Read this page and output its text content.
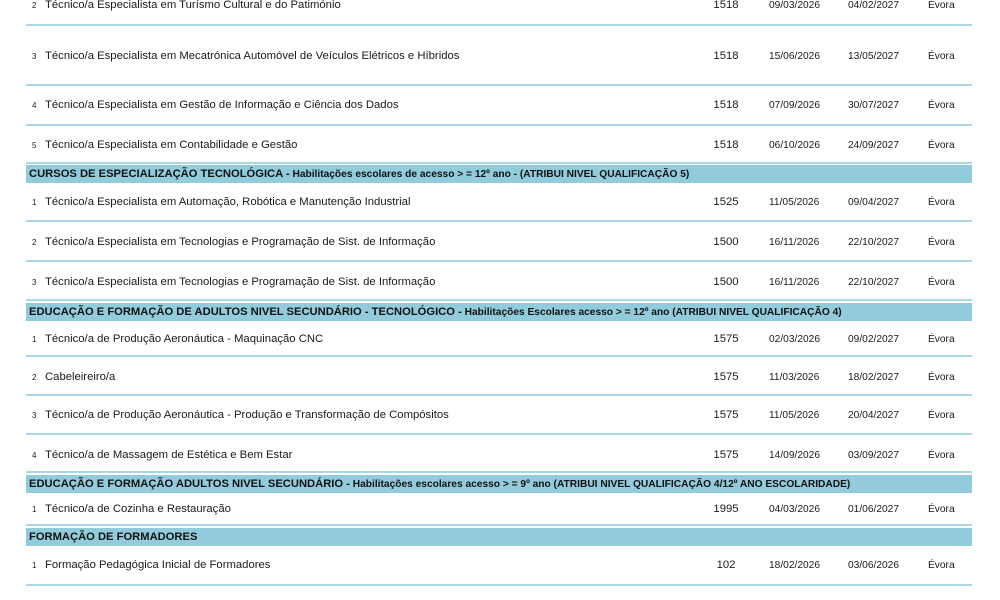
2 Técnico/a Especialista em Turísmo Cultural e do Patimónio	1518	09/03/2026	04/02/2027	Évora
3 Técnico/a Especialista em Mecatrónica Automóvel de Veículos Elétricos e Híbridos	1518	15/06/2026	13/05/2027	Évora
4 Técnico/a Especialista em Gestão de Informação e Ciência dos Dados	1518	07/09/2026	30/07/2027	Évora
5 Técnico/a Especialista em Contabilidade e Gestão	1518	06/10/2026	24/09/2027	Évora
CURSOS DE ESPECIALIZAÇÃO TECNOLÓGICA - Habilitações escolares de acesso > = 12º ano - (ATRIBUI NIVEL QUALIFICAÇÃO 5)
1 Técnico/a Especialista em Automação, Robótica e Manutenção Industrial	1525	11/05/2026	09/04/2027	Évora
2 Técnico/a Especialista em Tecnologias e Programação de Sist. de Informação	1500	16/11/2026	22/10/2027	Évora
3 Técnico/a Especialista em Tecnologias e Programação de Sist. de Informação	1500	16/11/2026	22/10/2027	Évora
EDUCAÇÃO E FORMAÇÃO DE ADULTOS NIVEL SECUNDÁRIO - TECNOLÓGICO - Habilitações Escolares acesso > = 12º ano (ATRIBUI NIVEL QUALIFICAÇÃO 4)
1 Técnico/a de Produção Aeronáutica - Maquinação CNC	1575	02/03/2026	09/02/2027	Évora
2 Cabeleireiro/a	1575	11/03/2026	18/02/2027	Évora
3 Técnico/a de Produção Aeronáutica - Produção e Transformação de Compósitos	1575	11/05/2026	20/04/2027	Évora
4 Técnico/a de Massagem de Estética e Bem Estar	1575	14/09/2026	03/09/2027	Évora
EDUCAÇÃO E FORMAÇÃO ADULTOS NIVEL SECUNDÁRIO - Habilitações escolares acesso > = 9º ano (ATRIBUI NIVEL QUALIFICAÇÃO 4/12º ANO ESCOLARIDADE)
1 Técnico/a de Cozinha e Restauração	1995	04/03/2026	01/06/2027	Évora
FORMAÇÃO DE FORMADORES
1 Formação Pedagógica Inicial de Formadores	102	18/02/2026	03/06/2026	Évora
